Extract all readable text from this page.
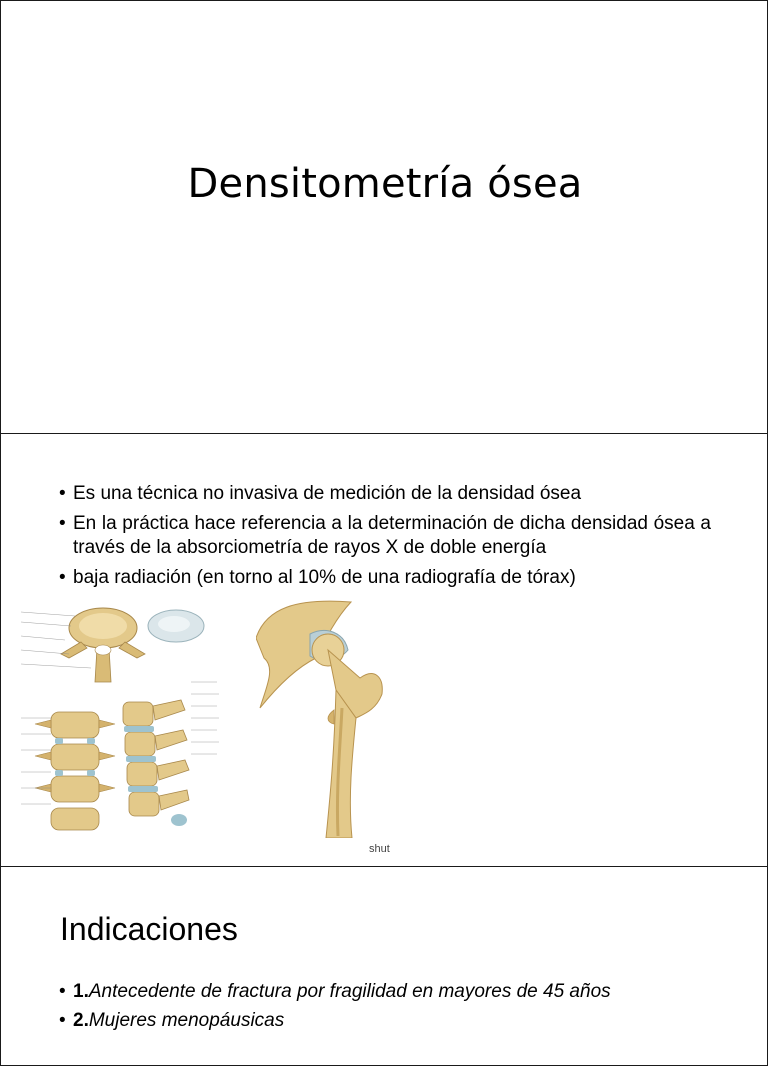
Densitometría ósea
• Es una técnica no invasiva de medición de la densidad ósea
• En la práctica hace referencia a la determinación de dicha densidad ósea a través de la absorciometría de rayos X de doble energía
• baja radiación (en torno al 10% de una radiografía de tórax)
shut
Indicaciones
• 1.Antecedente de fractura por fragilidad en mayores de 45 años
• 2.Mujeres menopáusicas
